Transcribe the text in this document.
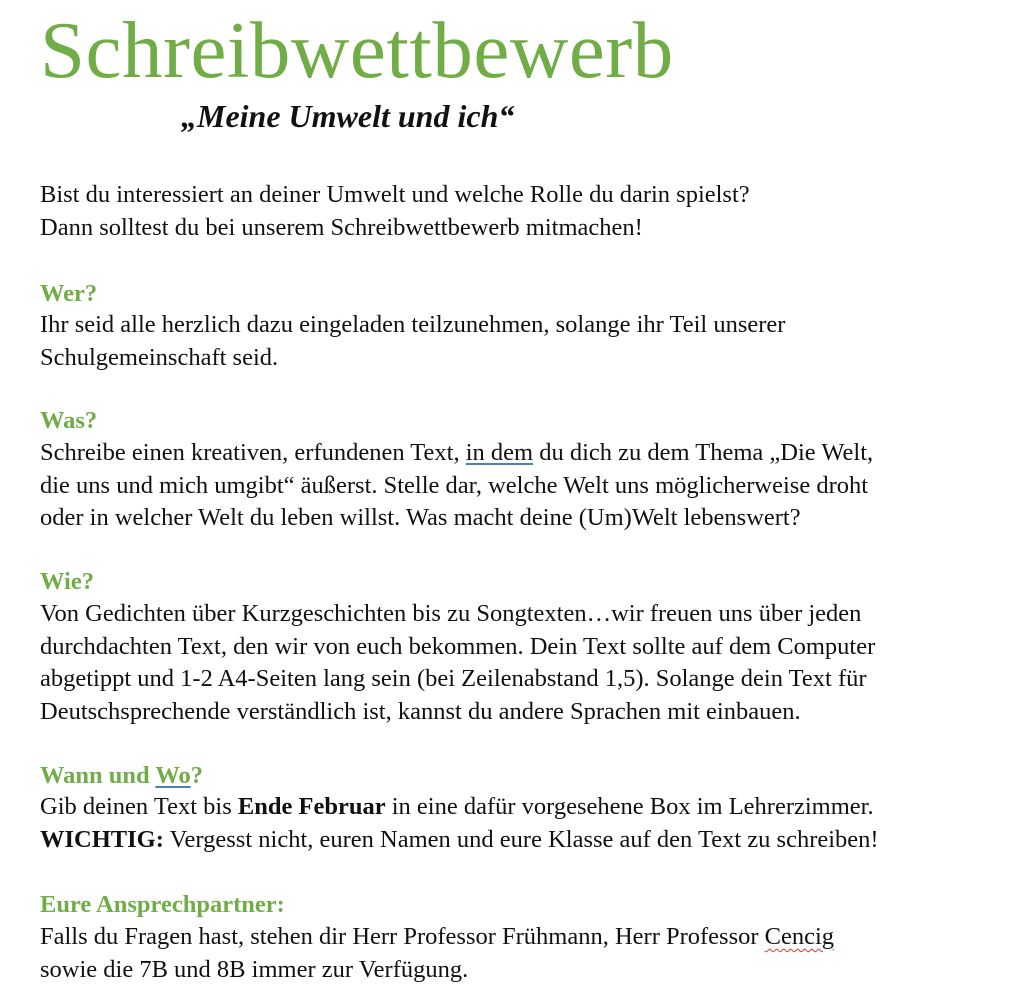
Schreibwettbewerb
„Meine Umwelt und ich“
Bist du interessiert an deiner Umwelt und welche Rolle du darin spielst?
Dann solltest du bei unserem Schreibwettbewerb mitmachen!
Wer?
Ihr seid alle herzlich dazu eingeladen teilzunehmen, solange ihr Teil unserer
Schulgemeinschaft seid.
Was?
Schreibe einen kreativen, erfundenen Text, in dem du dich zu dem Thema „Die Welt,
die uns und mich umgibt“ äußerst. Stelle dar, welche Welt uns möglicherweise droht
oder in welcher Welt du leben willst. Was macht deine (Um)Welt lebenswert?
Wie?
Von Gedichten über Kurzgeschichten bis zu Songtexten…wir freuen uns über jeden
durchdachten Text, den wir von euch bekommen. Dein Text sollte auf dem Computer
abgetippt und 1-2 A4-Seiten lang sein (bei Zeilenabstand 1,5). Solange dein Text für
Deutschsprechende verständlich ist, kannst du andere Sprachen mit einbauen.
Wann und Wo?
Gib deinen Text bis Ende Februar in eine dafür vorgesehene Box im Lehrerzimmer.
WICHTIG: Vergesst nicht, euren Namen und eure Klasse auf den Text zu schreiben!
Eure Ansprechpartner:
Falls du Fragen hast, stehen dir Herr Professor Frühmann, Herr Professor Cencig
sowie die 7B und 8B immer zur Verfügung.
